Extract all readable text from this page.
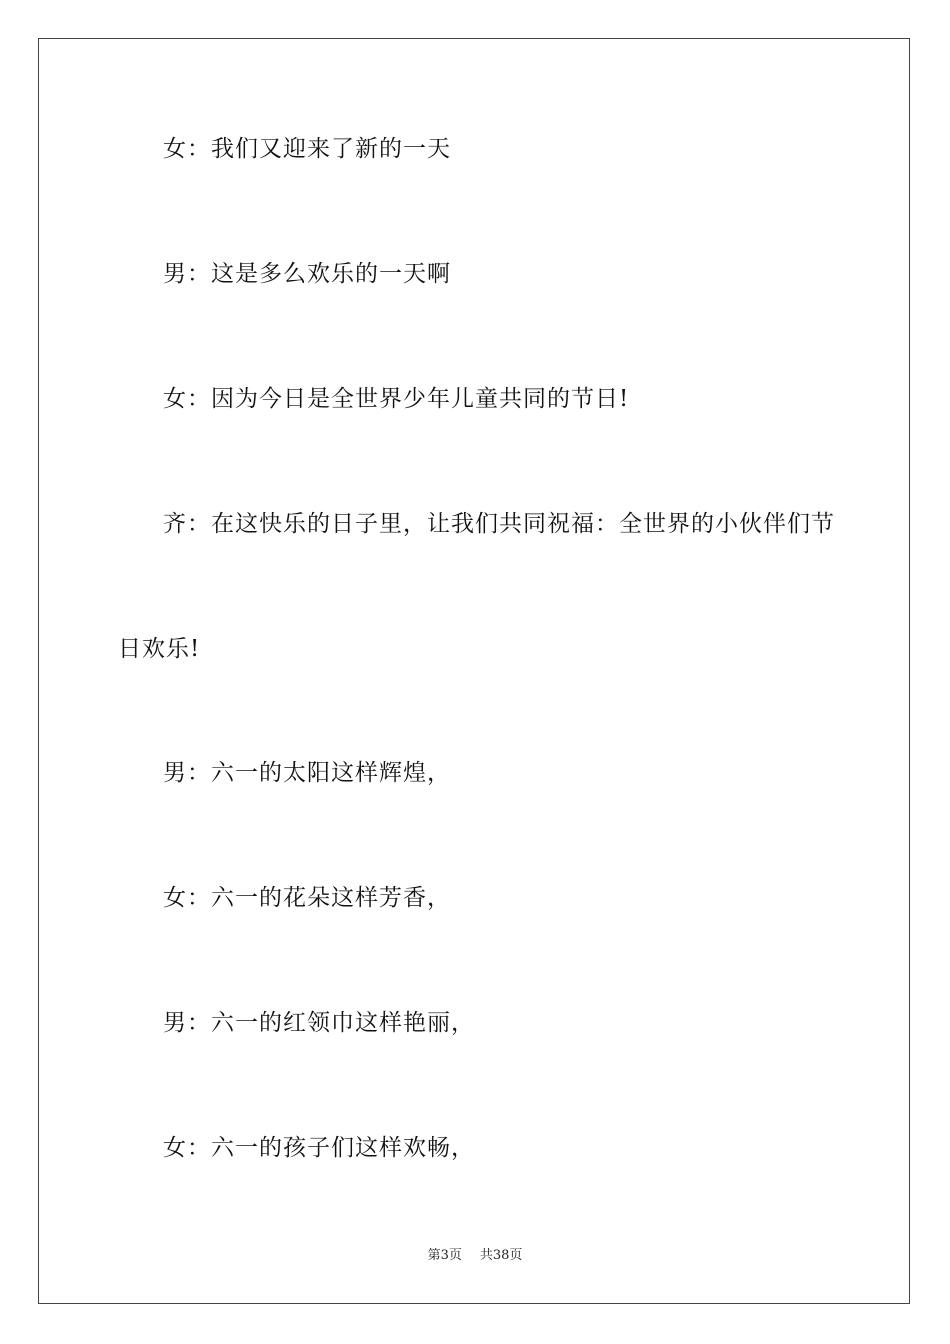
女：我们又迎来了新的一天
男：这是多么欢乐的一天啊
女：因为今日是全世界少年儿童共同的节日!
齐：在这快乐的日子里，让我们共同祝福：全世界的小伙伴们节
日欢乐!
男：六一的太阳这样辉煌，
女：六一的花朵这样芳香，
男：六一的红领巾这样艳丽，
女：六一的孩子们这样欢畅，
第3页 共38页
